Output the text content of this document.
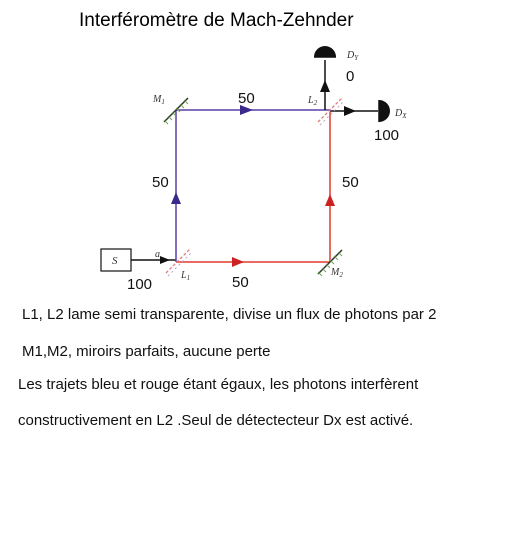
Interféromètre de Mach-Zehnder
S
a
$L_1$
$L_2$
$M_1$
$M_2$
$D_Y$
0
$D_X$
100
100	50
50
50
50
L1, L2 lame semi transparente, divise un flux de photons par 2
M1,M2, miroirs parfaits, aucune perte
Les trajets bleu et rouge étant égaux, les photons interfèrent
constructivement en L2 .Seul de détectecteur Dx est activé.
